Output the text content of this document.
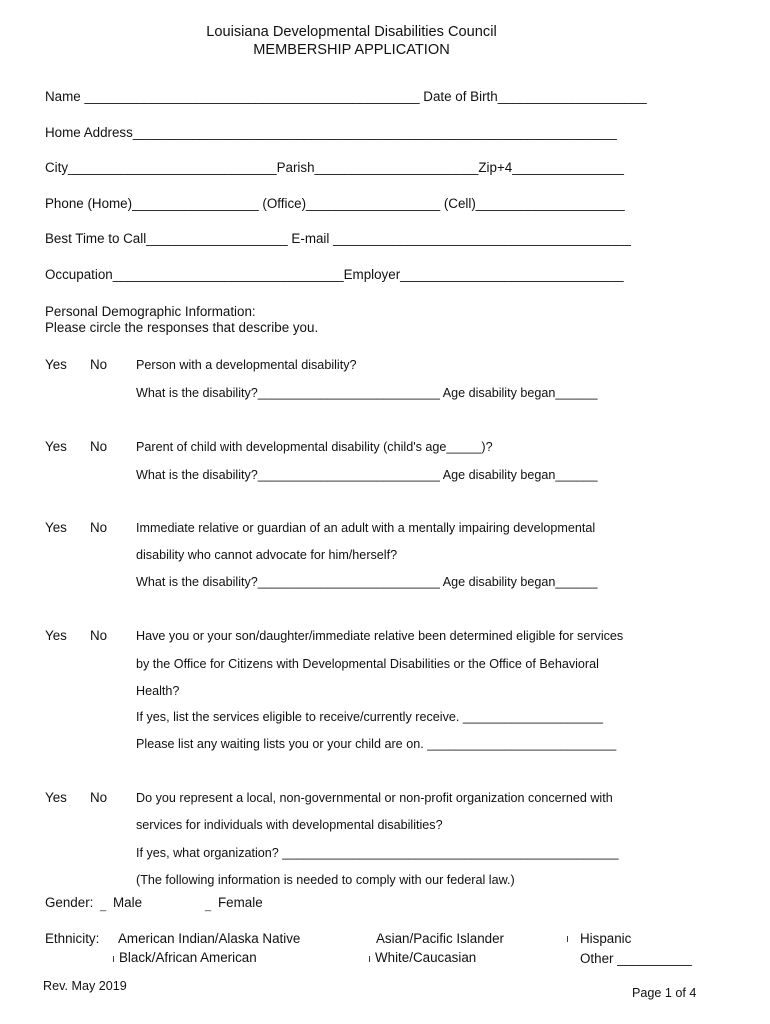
Louisiana Developmental Disabilities Council
MEMBERSHIP APPLICATION
Name _____________________________________________ Date of Birth____________________
Home Address_________________________________________________________________
City____________________________Parish______________________Zip+4_______________
Phone (Home)_________________ (Office)__________________ (Cell)____________________
Best Time to Call___________________ E-mail ________________________________________
Occupation_______________________________Employer______________________________
Personal Demographic Information:
Please circle the responses that describe you.
Yes No Person with a developmental disability?
What is the disability?__________________________ Age disability began______
Yes No Parent of child with developmental disability (child's age_____)?
What is the disability?__________________________ Age disability began______
Yes No Immediate relative or guardian of an adult with a mentally impairing developmental
disability who cannot advocate for him/herself?
What is the disability?__________________________ Age disability began______
Yes No Have you or your son/daughter/immediate relative been determined eligible for services
by the Office for Citizens with Developmental Disabilities or the Office of Behavioral
Health?
If yes, list the services eligible to receive/currently receive. ____________________
Please list any waiting lists you or your child are on. ___________________________
Yes No Do you represent a local, non-governmental or non-profit organization concerned with
services for individuals with developmental disabilities?
If yes, what organization? ________________________________________________
(The following information is needed to comply with our federal law.)
Gender: _ Male	_ Female
Ethnicity: American Indian/Alaska Native	Asian/Pacific Islander	ı Hispanic
ı Black/African American	ı White/Caucasian	Other __________
Rev. May 2019	Page 1 of 4
